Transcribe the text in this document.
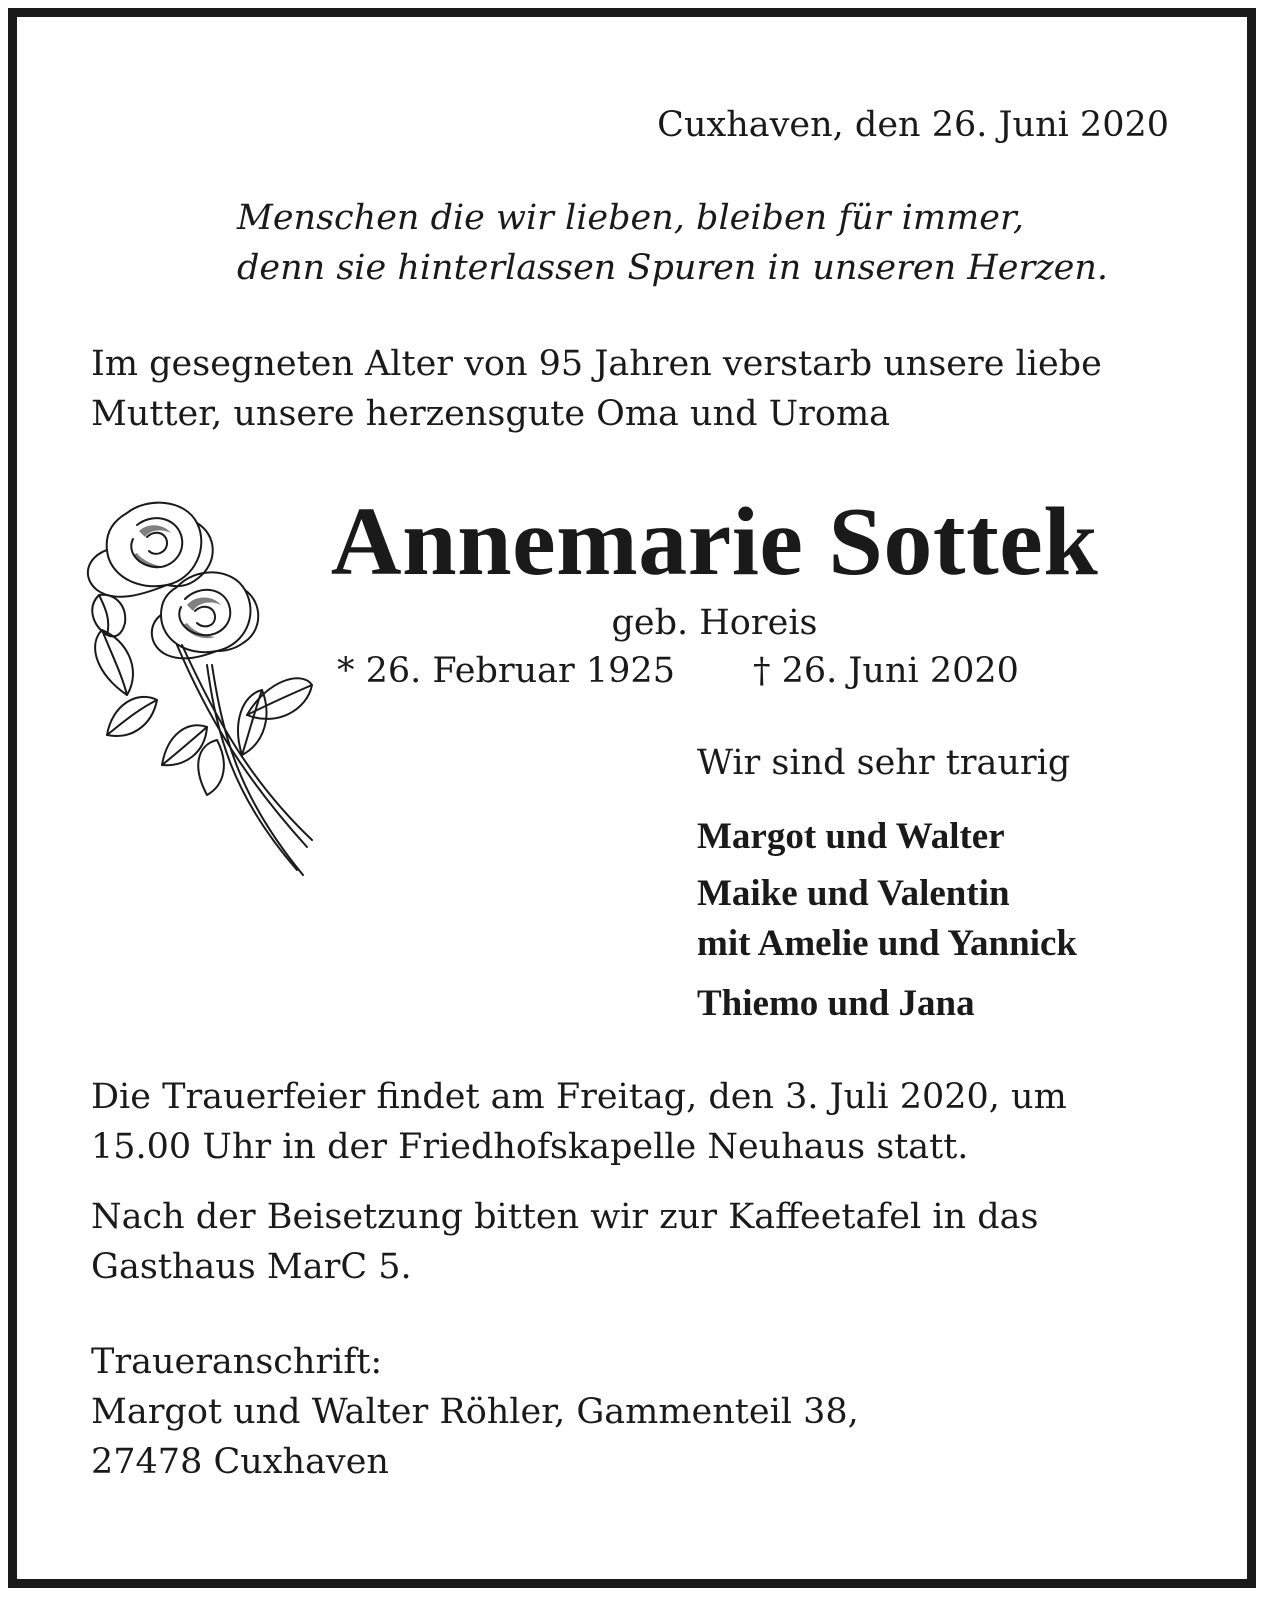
Cuxhaven, den 26. Juni 2020

Menschen die wir lieben, bleiben für immer,
denn sie hinterlassen Spuren in unseren Herzen.
Im gesegneten Alter von 95 Jahren verstarb unsere liebe
Mutter, unsere herzensgute Oma und Uroma

Annemarie Sottek

geb. Horeis

* 26. Februar 1925 † 26. Juni 2020

Wir sind sehr traurig

Margot und Walter

Maike und Valentin

mit Amelie und Yannick

Thiemo und Jana

Die Trauerfeier findet am Freitag, den 3. Juli 2020, um
15.00 Uhr in der Friedhofskapelle Neuhaus statt.
Nach der Beisetzung bitten wir zur Kaffeetafel in das
Gasthaus MarC 5.
Traueranschrift:
Margot und Walter Röhler, Gammenteil 38,
27478 Cuxhaven
